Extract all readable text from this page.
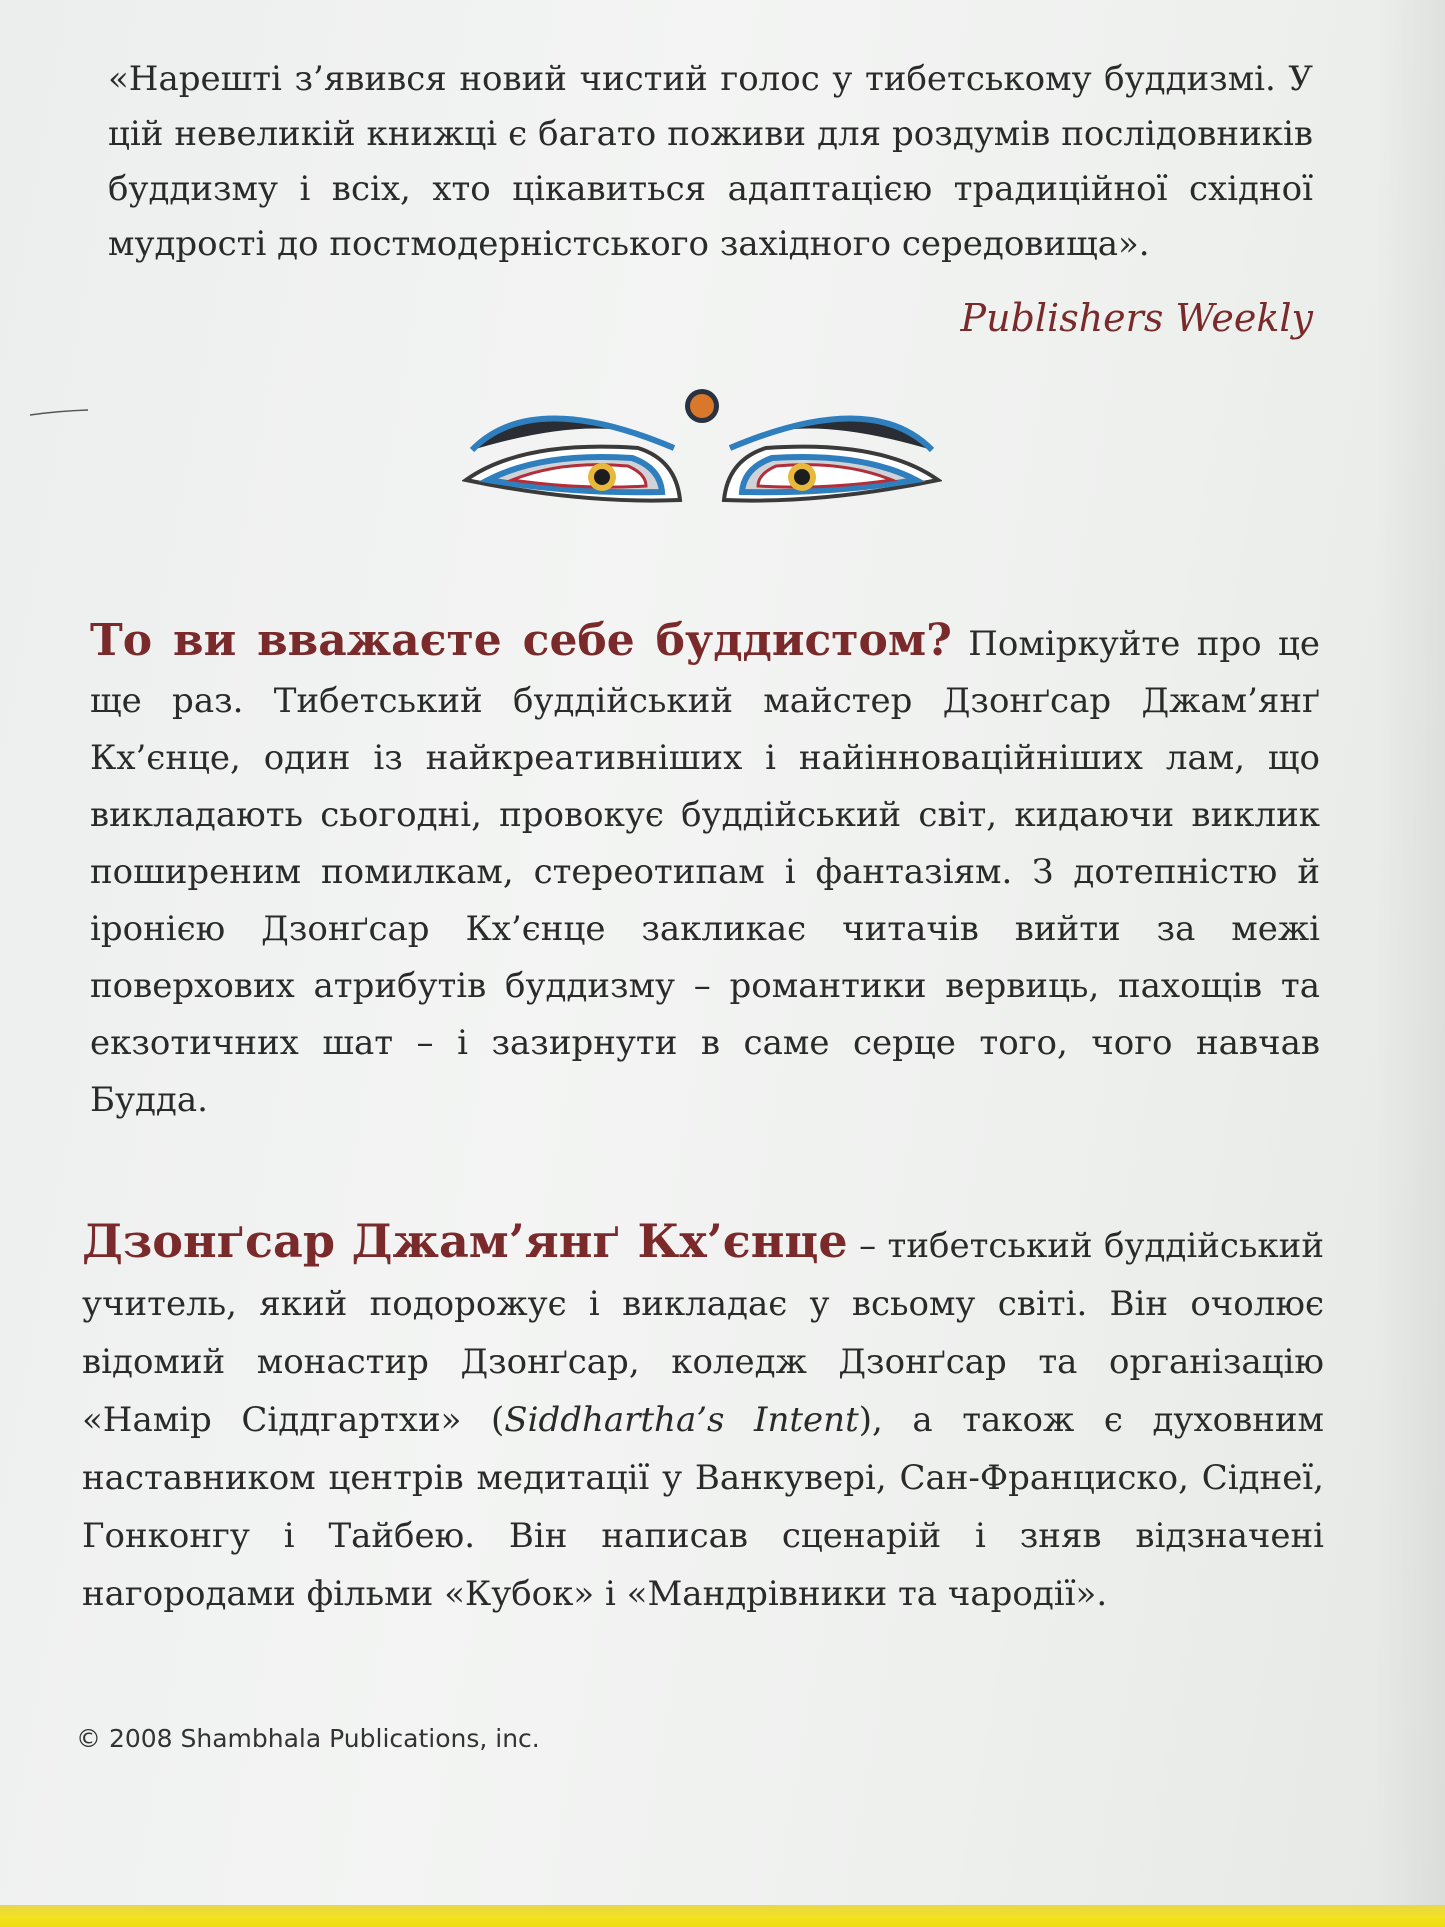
«Нарешті з’явився новий чистий голос у тибетському буддизмі. У цій невеликій книжці є багато поживи для роздумів послідовників буддизму і всіх, хто цікавиться адаптацією традиційної східної мудрості до постмодерністського західного середовища».

Publishers Weekly

То ви вважаєте себе буддистом? Поміркуйте про це ще раз. Тибетський буддійський майстер Дзонґсар Джам’янґ Кх’єнце, один із найкреативніших і найінноваційніших лам, що викладають сьогодні, провокує буддійський світ, кидаючи виклик поширеним помилкам, стереотипам і фантазіям. З дотепністю й іронією Дзонґсар Кх’єнце закликає читачів вийти за межі поверхових атрибутів буддизму – романтики вервиць, пахощів та екзотичних шат – і зазирнути в саме серце того, чого навчав Будда.

Дзонґсар Джам’янґ Кх’єнце – тибетський буддійський учитель, який подорожує і викладає у всьому світі. Він очолює відомий монастир Дзонґсар, коледж Дзонґсар та організацію «Намір Сіддгартхи» (Siddhartha’s Intent), а також є духовним наставником центрів медитації у Ванкувері, Сан-Франциско, Сіднеї, Гонконгу і Тайбею. Він написав сценарій і зняв відзначені нагородами фільми «Кубок» і «Мандрівники та чародії».

© 2008 Shambhala Publications, inc.
